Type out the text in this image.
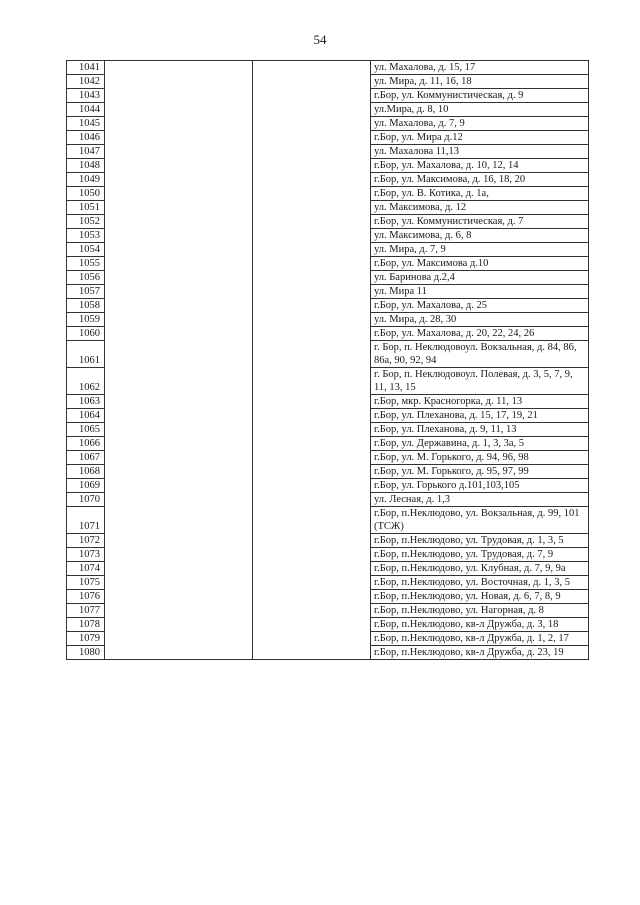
54
1041			ул. Махалова, д. 15, 17
1042			ул. Мира, д. 11, 16, 18
1043			г.Бор, ул. Коммунистическая, д. 9
1044			ул.Мира, д. 8, 10
1045			ул. Махалова, д. 7, 9
1046			г.Бор, ул. Мира д.12
1047			ул. Махалова 11,13
1048			г.Бор, ул. Махалова, д. 10, 12, 14
1049			г.Бор, ул. Максимова, д. 16, 18, 20
1050			г.Бор, ул. В. Котика, д. 1а,
1051			ул. Максимова, д. 12
1052			г.Бор, ул. Коммунистическая, д. 7
1053			ул. Максимова, д. 6, 8
1054			ул. Мира, д. 7, 9
1055			г.Бор, ул. Максимова д.10
1056			ул. Баринова д.2,4
1057			ул. Мира 11
1058			г.Бор, ул. Махалова, д. 25
1059			ул. Мира, д. 28, 30
1060			г.Бор, ул. Махалова, д. 20, 22, 24, 26
1061			г. Бор, п. Неклюдовоул. Вокзальная, д. 84, 86, 86а, 90, 92, 94
1062			г. Бор, п. Неклюдовоул. Полевая, д. 3, 5, 7, 9, 11, 13, 15
1063			г.Бор, мкр. Красногорка, д. 11, 13
1064			г.Бор, ул. Плеханова, д. 15, 17, 19, 21
1065			г.Бор, ул. Плеханова, д. 9, 11, 13
1066			г.Бор, ул. Державина, д. 1, 3, 3а, 5
1067			г.Бор, ул. М. Горького, д. 94, 96, 98
1068			г.Бор, ул. М. Горького, д. 95, 97, 99
1069			г.Бор, ул. Горького д.101,103,105
1070			ул. Лесная, д. 1,3
1071			г.Бор, п.Неклюдово, ул. Вокзальная, д. 99, 101 (ТСЖ)
1072			г.Бор, п.Неклюдово, ул. Трудовая, д. 1, 3, 5
1073			г.Бор, п.Неклюдово, ул. Трудовая, д. 7, 9
1074			г.Бор, п.Неклюдово, ул. Клубная, д. 7, 9, 9а
1075			г.Бор, п.Неклюдово, ул. Восточная, д. 1, 3, 5
1076			г.Бор, п.Неклюдово, ул. Новая, д. 6, 7, 8, 9
1077			г.Бор, п.Неклюдово, ул. Нагорная, д. 8
1078			г.Бор, п.Неклюдово, кв-л Дружба, д. 3, 18
1079			г.Бор, п.Неклюдово, кв-л Дружба, д. 1, 2, 17
1080			г.Бор, п.Неклюдово, кв-л Дружба, д. 23, 19
